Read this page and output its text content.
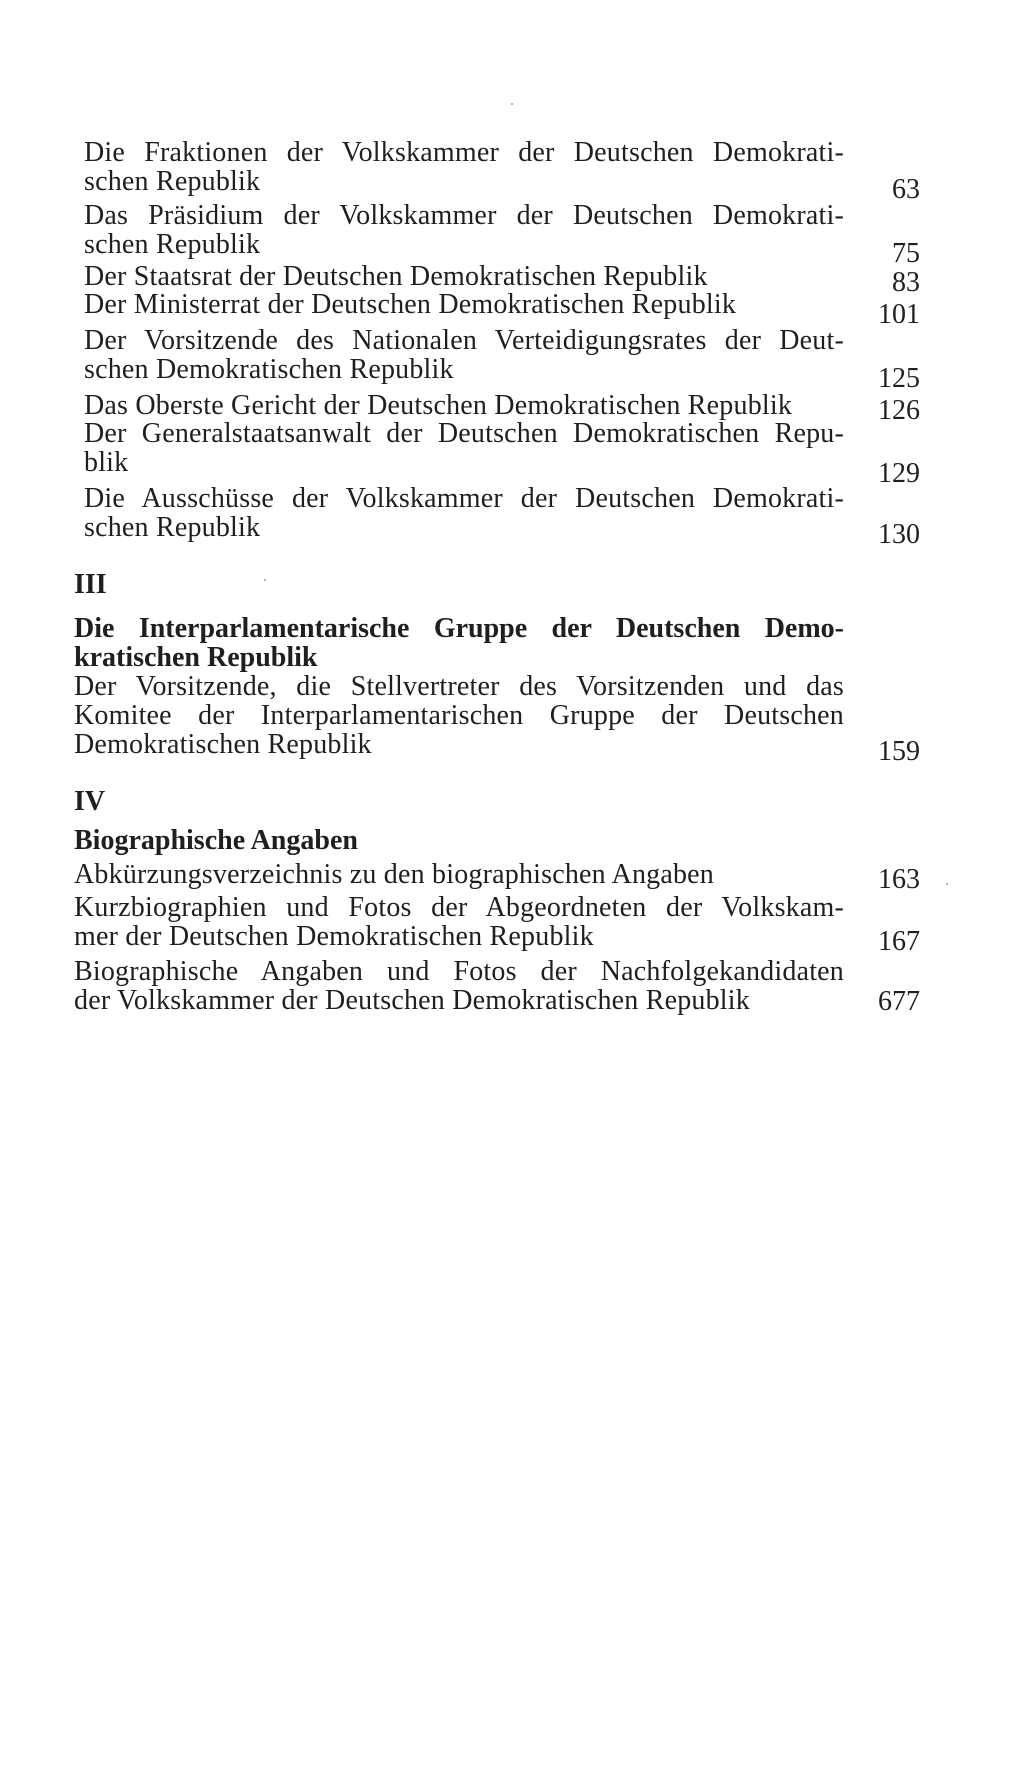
Die Fraktionen der Volkskammer der Deutschen Demokrati-
schen Republik	63
Das Präsidium der Volkskammer der Deutschen Demokrati-
schen Republik	75
Der Staatsrat der Deutschen Demokratischen Republik	83
Der Ministerrat der Deutschen Demokratischen Republik	101
Der Vorsitzende des Nationalen Verteidigungsrates der Deut-
schen Demokratischen Republik	125
Das Oberste Gericht der Deutschen Demokratischen Republik	126
Der Generalstaatsanwalt der Deutschen Demokratischen Repu-
blik	129
Die Ausschüsse der Volkskammer der Deutschen Demokrati-
schen Republik	130
III
Die Interparlamentarische Gruppe der Deutschen Demo-
kratischen Republik
Der Vorsitzende, die Stellvertreter des Vorsitzenden und das
Komitee der Interparlamentarischen Gruppe der Deutschen
Demokratischen Republik	159
IV
Biographische Angaben
Abkürzungsverzeichnis zu den biographischen Angaben	163
Kurzbiographien und Fotos der Abgeordneten der Volkskam-
mer der Deutschen Demokratischen Republik	167
Biographische Angaben und Fotos der Nachfolgekandidaten
der Volkskammer der Deutschen Demokratischen Republik	677
